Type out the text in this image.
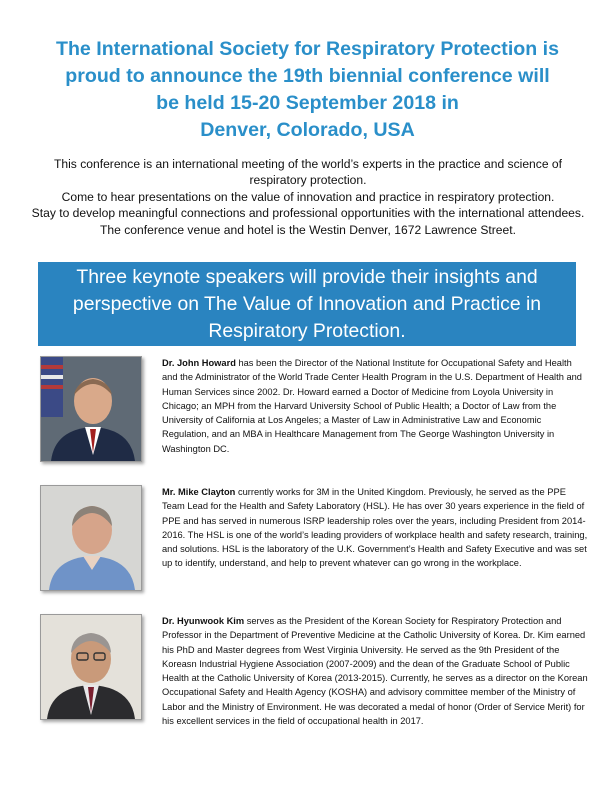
The International Society for Respiratory Protection is
proud to announce the 19th biennial conference will
be held 15-20 September 2018 in
Denver, Colorado, USA

This conference is an international meeting of the world’s experts in the practice and science of respiratory protection.

Come to hear presentations on the value of innovation and practice in respiratory protection.

Stay to develop meaningful connections and professional opportunities with the international attendees.

The conference venue and hotel is the Westin Denver, 1672 Lawrence Street.

Three keynote speakers will provide their insights and perspective on The Value of Innovation and Practice in Respiratory Protection.

Dr. John Howard has been the Director of the National Institute for Occupational Safety and Health and the Administrator of the World Trade Center Health Program in the U.S. Department of Health and Human Services since 2002. Dr. Howard earned a Doctor of Medicine from Loyola University in Chicago; an MPH from the Harvard University School of Public Health; a Doctor of Law from the University of California at Los Angeles; a Master of Law in Administrative Law and Economic Regulation, and an MBA in Healthcare Management from The George Washington University in Washington DC.

Mr. Mike Clayton currently works for 3M in the United Kingdom. Previously, he served as the PPE Team Lead for the Health and Safety Laboratory (HSL). He has over 30 years experience in the field of PPE and has served in numerous ISRP leadership roles over the years, including President from 2014-2016. The HSL is one of the world’s leading providers of workplace health and safety research, training, and solutions. HSL is the laboratory of the U.K. Government’s Health and Safety Executive and was set up to identify, understand, and help to prevent whatever can go wrong in the workplace.

Dr. Hyunwook Kim serves as the President of the Korean Society for Respiratory Protection and Professor in the Department of Preventive Medicine at the Catholic University of Korea. Dr. Kim earned his PhD and Master degrees from West Virginia University. He served as the 9th President of the Koreasn Industrial Hygiene Association (2007-2009) and the dean of the Graduate School of Public Health at the Catholic University of Korea (2013-2015). Currently, he serves as a director on the Korean Occupational Safety and Health Agency (KOSHA) and advisory committee member of the Ministry of Labor and the Ministry of Environment. He was decorated a medal of honor (Order of Service Merit) for his excellent services in the field of occupational health in 2017.
